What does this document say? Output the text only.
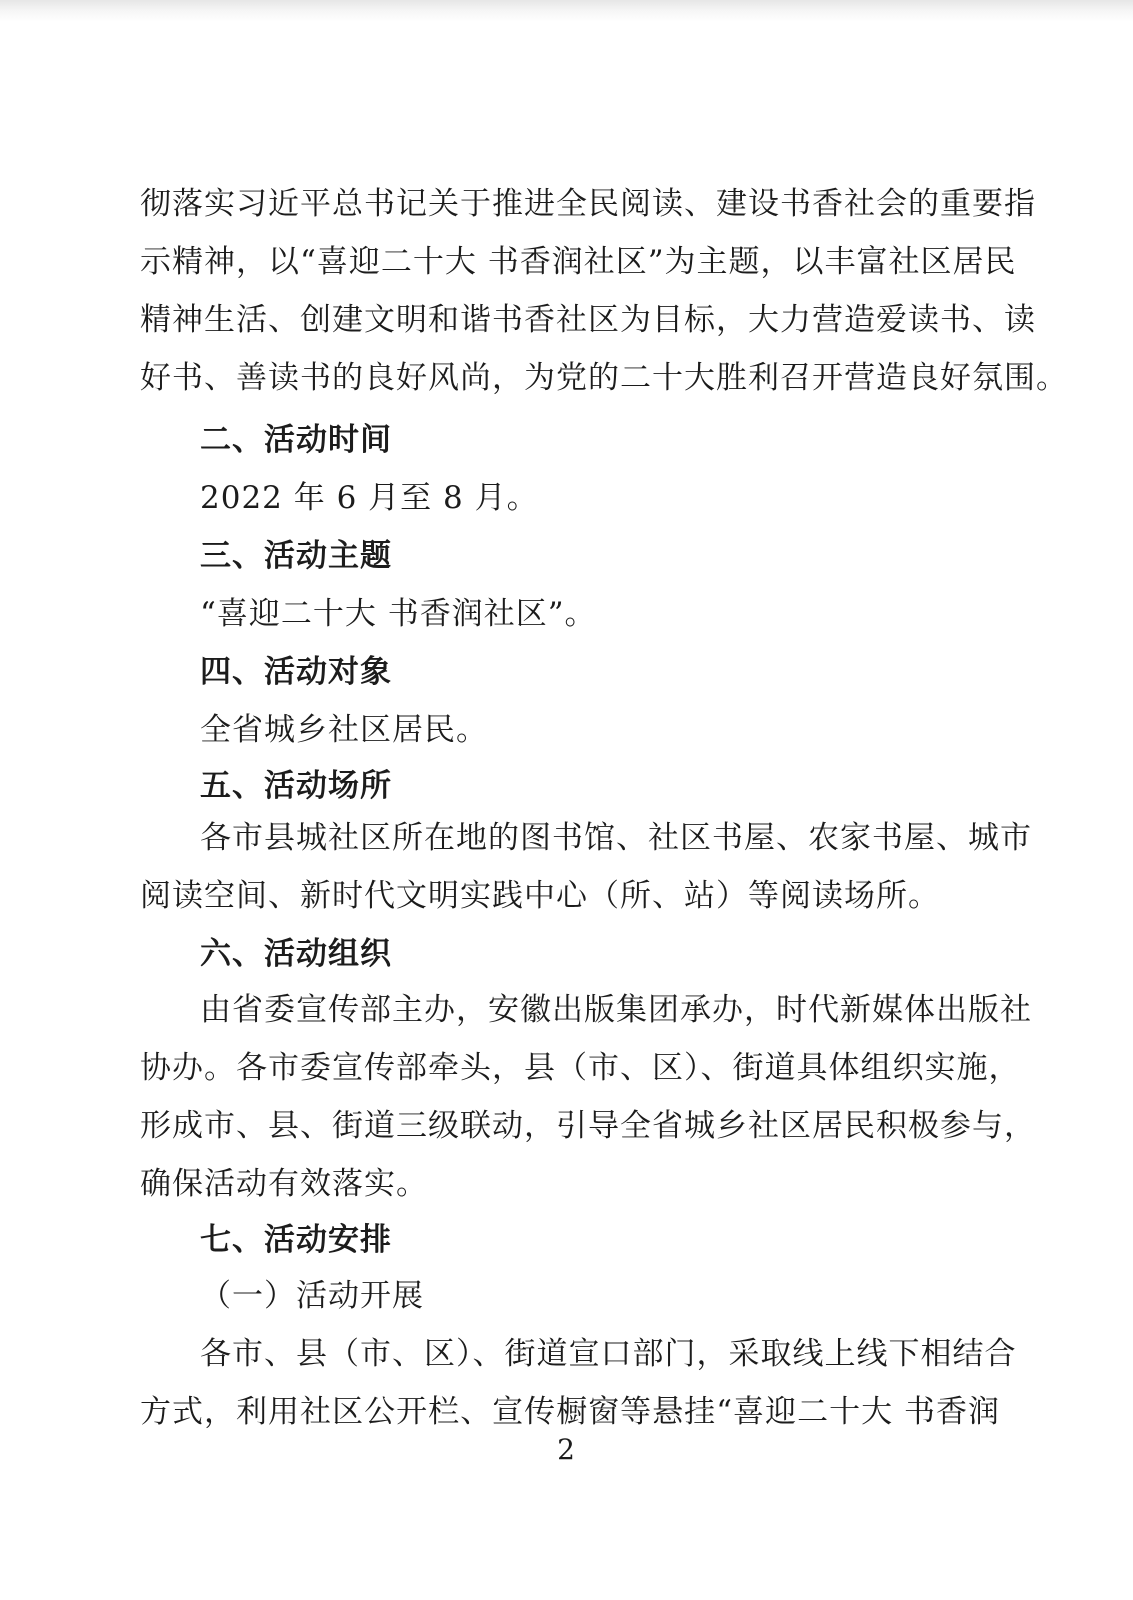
彻落实习近平总书记关于推进全民阅读、建设书香社会的重要指
示精神，以“喜迎二十大 书香润社区”为主题，以丰富社区居民
精神生活、创建文明和谐书香社区为目标，大力营造爱读书、读
好书、善读书的良好风尚，为党的二十大胜利召开营造良好氛围。
二、活动时间
2022 年 6 月至 8 月。
三、活动主题
“喜迎二十大 书香润社区”。
四、活动对象
全省城乡社区居民。
五、活动场所
各市县城社区所在地的图书馆、社区书屋、农家书屋、城市
阅读空间、新时代文明实践中心（所、站）等阅读场所。
六、活动组织
由省委宣传部主办，安徽出版集团承办，时代新媒体出版社
协办。各市委宣传部牵头，县（市、区）、街道具体组织实施，
形成市、县、街道三级联动，引导全省城乡社区居民积极参与，
确保活动有效落实。
七、活动安排
（一）活动开展
各市、县（市、区）、街道宣口部门，采取线上线下相结合
方式，利用社区公开栏、宣传橱窗等悬挂“喜迎二十大 书香润
2
